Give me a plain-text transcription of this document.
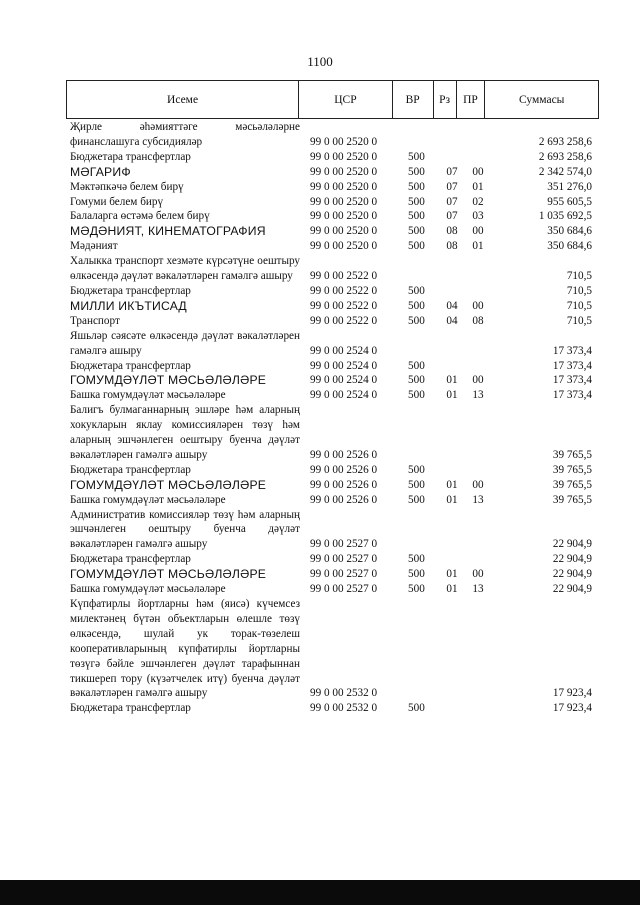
1100
Исеме	ЦСР	ВР	Рз	ПР	Суммасы
Җирле әһәмияттәге мәсьәләләрне финанслашуга субсидияләр	99 0 00 2520 0	2 693 258,6
Бюджетара трансфертлар	99 0 00 2520 0	500	2 693 258,6
МӘГАРИФ	99 0 00 2520 0	500	07	00	2 342 574,0
Мәктәпкәчә белем бирү	99 0 00 2520 0	500	07	01	351 276,0
Гомуми белем бирү	99 0 00 2520 0	500	07	02	955 605,5
Балаларга өстәмә белем бирү	99 0 00 2520 0	500	07	03	1 035 692,5
МӘДӘНИЯТ, КИНЕМАТОГРАФИЯ	99 0 00 2520 0	500	08	00	350 684,6
Мәдәният	99 0 00 2520 0	500	08	01	350 684,6
Халыкка транспорт хезмәте күрсәтүне оештыру өлкәсендә дәүләт вәкаләтләрен гамәлгә ашыру	99 0 00 2522 0	710,5
Бюджетара трансфертлар	99 0 00 2522 0	500	710,5
МИЛЛИ ИКЪТИСАД	99 0 00 2522 0	500	04	00	710,5
Транспорт	99 0 00 2522 0	500	04	08	710,5
Яшьләр сәясәте өлкәсендә дәүләт вәкаләтләрен гамәлгә ашыру	99 0 00 2524 0	17 373,4
Бюджетара трансфертлар	99 0 00 2524 0	500	17 373,4
ГОМУМДӘҮЛӘТ МӘСЬӘЛӘЛӘРЕ	99 0 00 2524 0	500	01	00	17 373,4
Башка гомумдәүләт мәсьәләләре	99 0 00 2524 0	500	01	13	17 373,4
Балигъ булмаганнарның эшләре һәм аларның хокукларын яклау комиссияләрен төзү һәм аларның эшчәнлеген оештыру буенча дәүләт вәкаләтләрен гамәлгә ашыру	99 0 00 2526 0	39 765,5
Бюджетара трансфертлар	99 0 00 2526 0	500	39 765,5
ГОМУМДӘҮЛӘТ МӘСЬӘЛӘЛӘРЕ	99 0 00 2526 0	500	01	00	39 765,5
Башка гомумдәүләт мәсьәләләре	99 0 00 2526 0	500	01	13	39 765,5
Административ комиссияләр төзү һәм аларның эшчәнлеген оештыру буенча дәүләт вәкаләтләрен гамәлгә ашыру	99 0 00 2527 0	22 904,9
Бюджетара трансфертлар	99 0 00 2527 0	500	22 904,9
ГОМУМДӘҮЛӘТ МӘСЬӘЛӘЛӘРЕ	99 0 00 2527 0	500	01	00	22 904,9
Башка гомумдәүләт мәсьәләләре	99 0 00 2527 0	500	01	13	22 904,9
Күпфатирлы йортларны һәм (яисә) күчемсез милектәнең бүтән объектларын өлешле төзү өлкәсендә, шулай ук торак-төзелеш кооперативларының күпфатирлы йортларны төзүгә бәйле эшчәнлеген дәүләт тарафыннан тикшереп тору (күзәтчелек итү) буенча дәүләт вәкаләтләрен гамәлгә ашыру	99 0 00 2532 0	17 923,4
Бюджетара трансфертлар	99 0 00 2532 0	500	17 923,4
